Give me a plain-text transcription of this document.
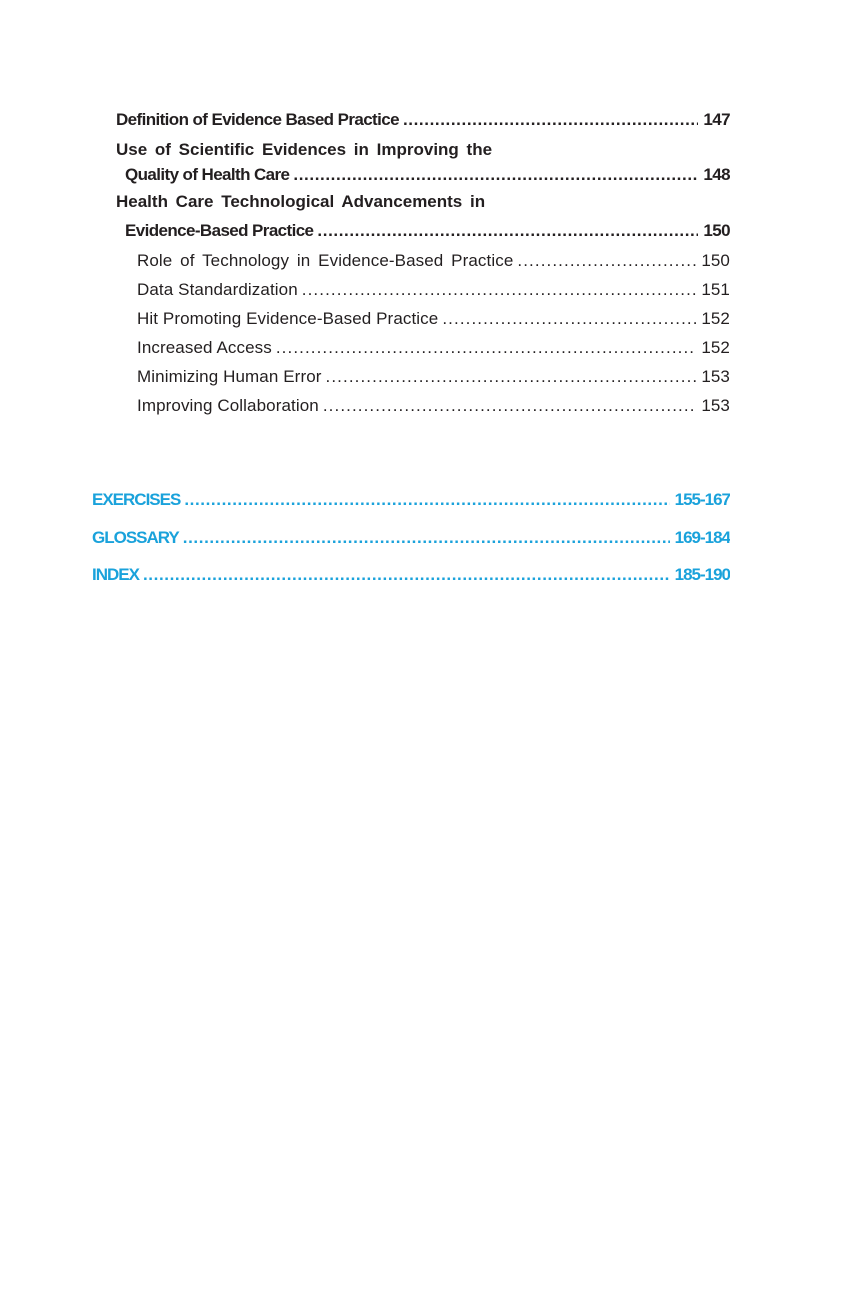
Definition of Evidence Based Practice .....	147
Use of Scientific Evidences in Improving the
Quality of Health Care .....	148
Health Care Technological Advancements in
Evidence-Based Practice .....	150
Role of Technology in Evidence-Based Practice .....	150
Data Standardization .....	151
Hit Promoting Evidence-Based Practice .....	152
Increased Access .....	152
Minimizing Human Error .....	153
Improving Collaboration .....	153
EXERCISES .....	155-167
GLOSSARY .....	169-184
INDEX .....	185-190
